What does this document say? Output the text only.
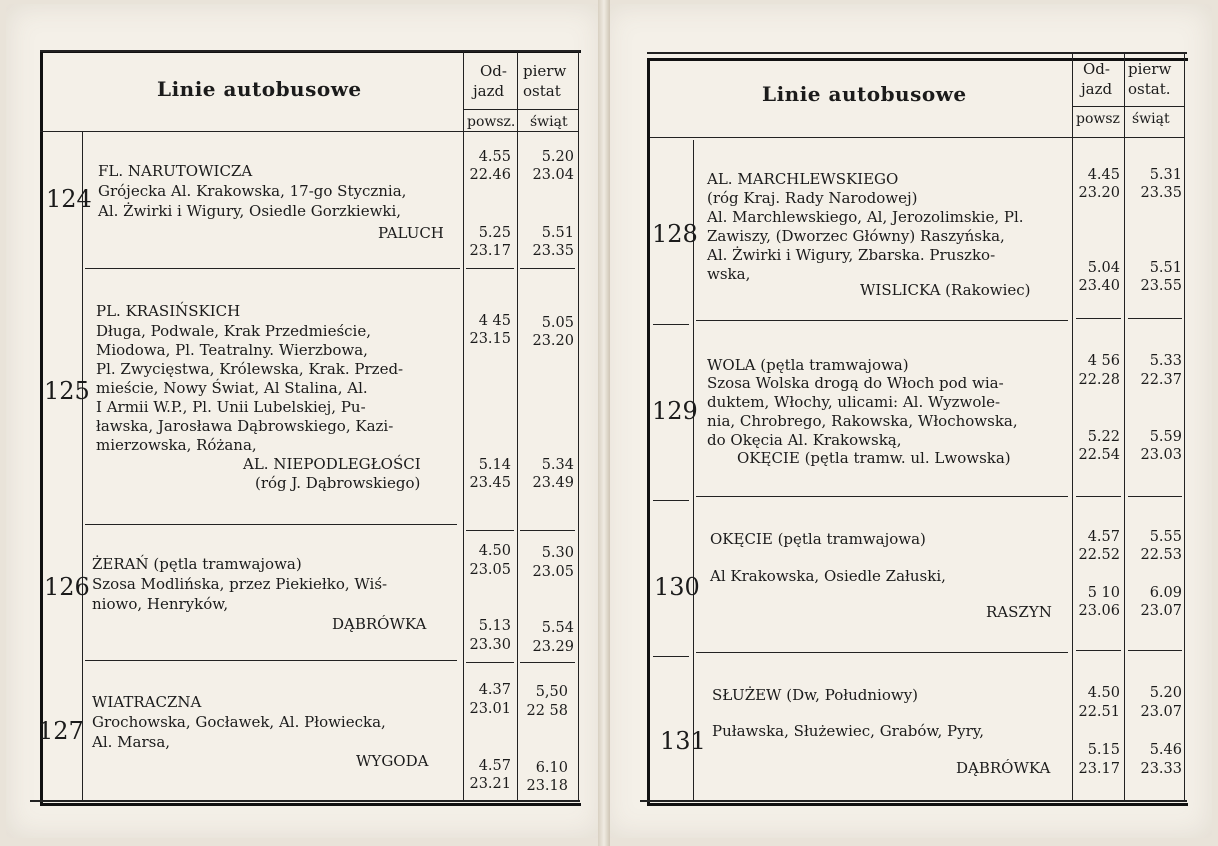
Linie autobusowe
Od-
jazd
pierw
ostat
powsz. świąt
124
FL. NARUTOWICZA
Grójecka Al. Krakowska, 17-go Stycznia,
Al. Żwirki i Wigury, Osiedle Gorzkiewki,
PALUCH
4.55	5.20
22.46	23.04
5.25	5.51
23.17	23.35
125
PL. KRASIŃSKICH
Długa, Podwale, Krak Przedmieście,
Miodowa, Pl. Teatralny. Wierzbowa,
Pl. Zwycięstwa, Królewska, Krak. Przed-
mieście, Nowy Świat, Al Stalina, Al.
I Armii W.P., Pl. Unii Lubelskiej, Pu-
ławska, Jarosława Dąbrowskiego, Kazi-
mierzowska, Różana,
AL. NIEPODLEGŁOŚCI
(róg J. Dąbrowskiego)
4 45	5.05
23.15	23.20
5.14	5.34
23.45	23.49
126
ŻERAŃ (pętla tramwajowa)
Szosa Modlińska, przez Piekiełko, Wiś-
niowo, Henryków,
DĄBRÓWKA
4.50	5.30
23.05	23.05
5.13	5.54
23.30	23.29
127
WIATRACZNA
Grochowska, Gocławek, Al. Płowiecka,
Al. Marsa,
WYGODA
4.37	5,50
23.01	22 58
4.57	6.10
23.21	23.18
Linie autobusowe
Od-
jazd
pierw
ostat.
powsz świąt
128
AL. MARCHLEWSKIEGO
(róg Kraj. Rady Narodowej)
Al. Marchlewskiego, Al, Jerozolimskie, Pl.
Zawiszy, (Dworzec Główny) Raszyńska,
Al. Żwirki i Wigury, Zbarska. Pruszko-
wska,
WISLICKA (Rakowiec)
4.45	5.31
23.20	23.35
5.04	5.51
23.40	23.55
129
WOLA (pętla tramwajowa)
Szosa Wolska drogą do Włoch pod wia-
duktem, Włochy, ulicami: Al. Wyzwole-
nia, Chrobrego, Rakowska, Włochowska,
do Okęcia Al. Krakowską,
OKĘCIE (pętla tramw. ul. Lwowska)
4 56	5.33
22.28	22.37
5.22	5.59
22.54	23.03
130
OKĘCIE (pętla tramwajowa)
Al Krakowska, Osiedle Załuski,
RASZYN
4.57	5.55
22.52	22.53
5 10	6.09
23.06	23.07
131
SŁUŻEW (Dw, Południowy)
Puławska, Służewiec, Grabów, Pyry,
DĄBRÓWKA
4.50	5.20
22.51	23.07
5.15	5.46
23.17	23.33
